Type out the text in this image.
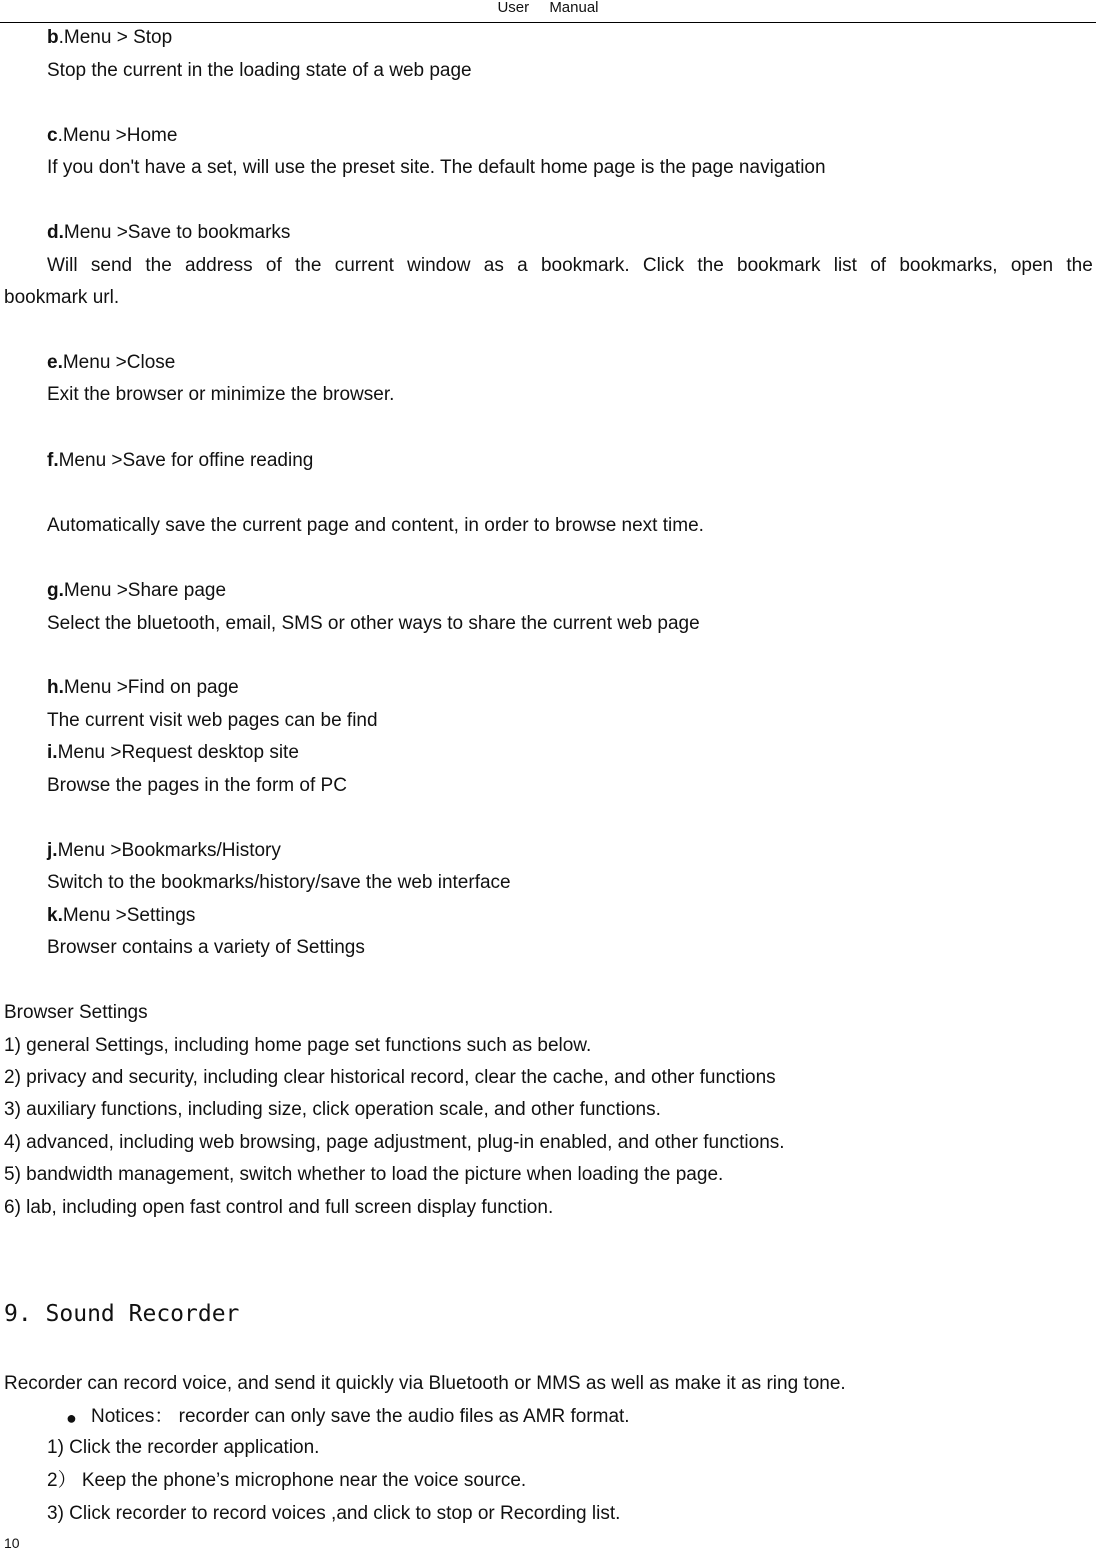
User Manual
b.Menu > Stop
Stop the current in the loading state of a web page
c.Menu >Home
If you don't have a set, will use the preset site. The default home page is the page navigation
d.Menu >Save to bookmarks
Will send the address of the current window as a bookmark. Click the bookmark list of bookmarks, open the
bookmark url.
e.Menu >Close
Exit the browser or minimize the browser.
f.Menu >Save for offine reading
Automatically save the current page and content, in order to browse next time.
g.Menu >Share page
Select the bluetooth, email, SMS or other ways to share the current web page
h.Menu >Find on page
The current visit web pages can be find
i.Menu >Request desktop site
Browse the pages in the form of PC
j.Menu >Bookmarks/History
Switch to the bookmarks/history/save the web interface
k.Menu >Settings
Browser contains a variety of Settings
Browser Settings
1) general Settings, including home page set functions such as below.
2) privacy and security, including clear historical record, clear the cache, and other functions
3) auxiliary functions, including size, click operation scale, and other functions.
4) advanced, including web browsing, page adjustment, plug-in enabled, and other functions.
5) bandwidth management, switch whether to load the picture when loading the page.
6) lab, including open fast control and full screen display function.
9. Sound Recorder
Recorder can record voice, and send it quickly via Bluetooth or MMS as well as make it as ring tone.
● Notices： recorder can only save the audio files as AMR format.
1) Click the recorder application.
2） Keep the phone’s microphone near the voice source.
3) Click recorder to record voices ,and click to stop or Recording list.
10
